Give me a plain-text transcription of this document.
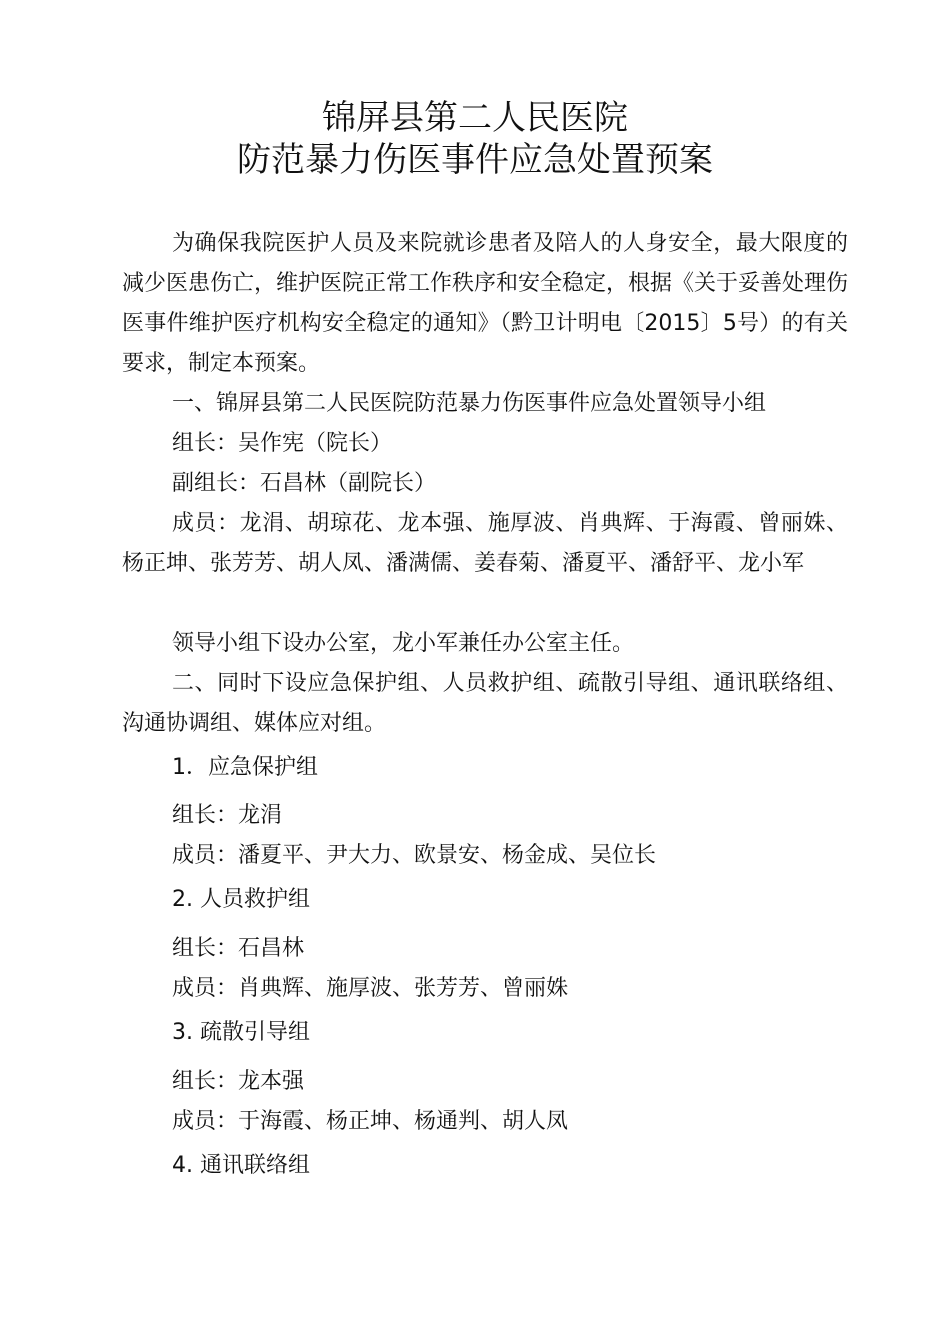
锦屏县第二人民医院
防范暴力伤医事件应急处置预案
为确保我院医护人员及来院就诊患者及陪人的人身安全，最大限度的减少医患伤亡，维护医院正常工作秩序和安全稳定，根据《关于妥善处理伤医事件维护医疗机构安全稳定的通知》（黔卫计明电〔2015〕5号）的有关要求，制定本预案。
一、锦屏县第二人民医院防范暴力伤医事件应急处置领导小组
组长：吴作宪（院长）
副组长：石昌林（副院长）
成员：龙涓、胡琼花、龙本强、施厚波、肖典辉、于海霞、曾丽姝、杨正坤、张芳芳、胡人凤、潘满儒、姜春菊、潘夏平、潘舒平、龙小军
领导小组下设办公室，龙小军兼任办公室主任。
二、同时下设应急保护组、人员救护组、疏散引导组、通讯联络组、沟通协调组、媒体应对组。
1．应急保护组
组长：龙涓
成员：潘夏平、尹大力、欧景安、杨金成、吴位长
2. 人员救护组
组长：石昌林
成员：肖典辉、施厚波、张芳芳、曾丽姝
3. 疏散引导组
组长：龙本强
成员：于海霞、杨正坤、杨通判、胡人凤
4. 通讯联络组
